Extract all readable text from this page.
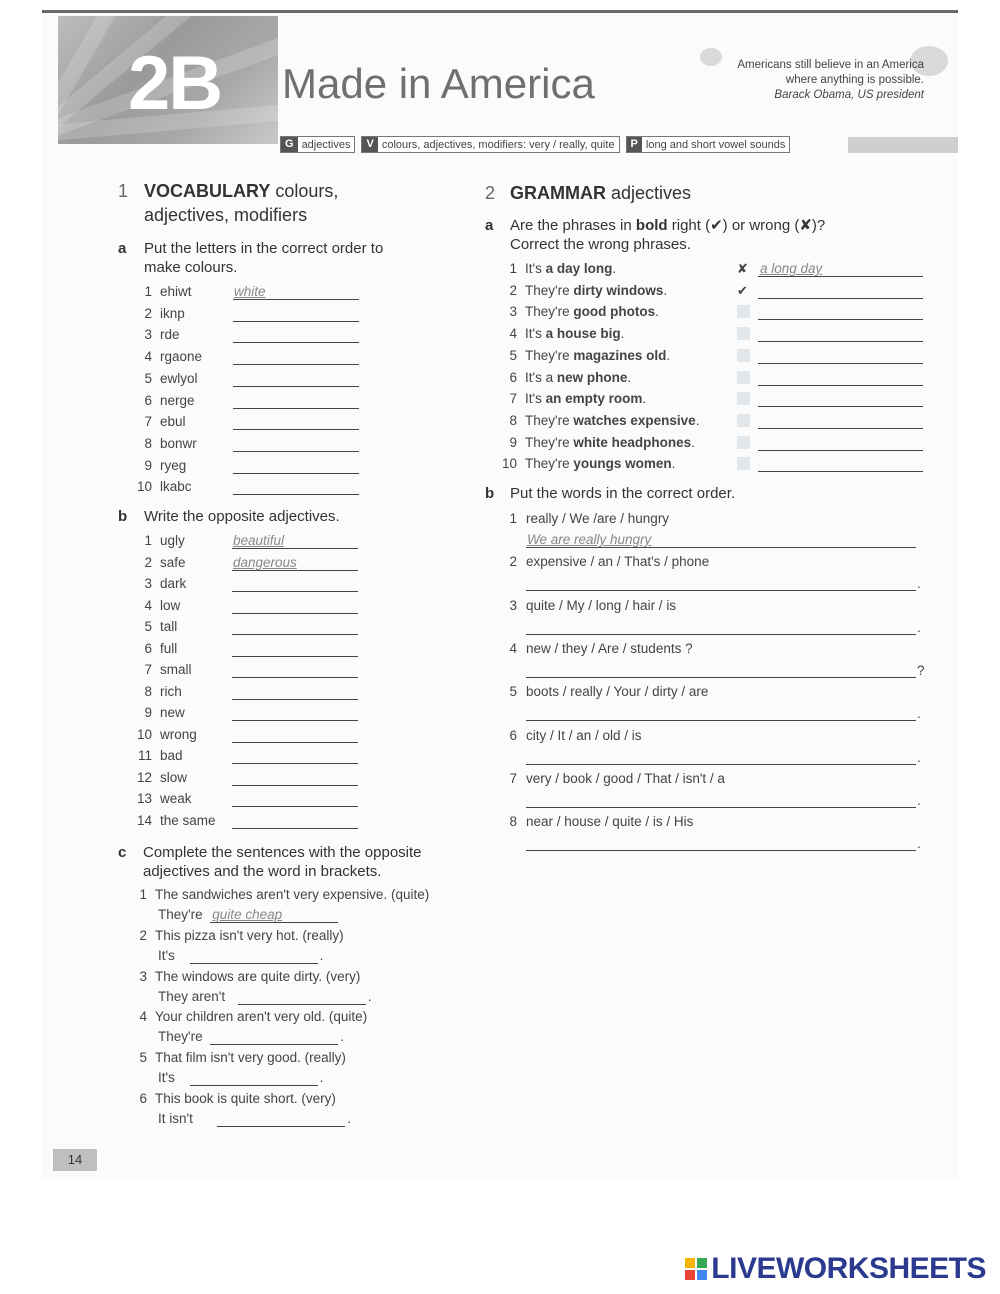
2B Made in America	Americans still believe in an America
where anything is possible.
Barack Obama, US president
G adjectives	V colours, adjectives, modifiers: very / really, quite	P long and short vowel sounds
1 VOCABULARY colours,
adjectives, modifiers
a Put the letters in the correct order to
make colours.
1 ehiwt	white
2 iknp
3 rde
4 rgaone
5 ewlyol
6 nerge
7 ebul
8 bonwr
9 ryeg
10 lkabc
b Write the opposite adjectives.
1 ugly	beautiful
2 safe	dangerous
3 dark
4 low
5 tall
6 full
7 small
8 rich
9 new
10 wrong
11 bad
12 slow
13 weak
14 the same
c Complete the sentences with the opposite
adjectives and the word in brackets.
1 The sandwiches aren't very expensive. (quite)
They're quite cheap
2 This pizza isn't very hot. (really)
It's	.
3 The windows are quite dirty. (very)
They aren't	.
4 Your children aren't very old. (quite)
They're	.
5 That film isn't very good. (really)
It's	.
6 This book is quite short. (very)
It isn't	.
2 GRAMMAR adjectives
a Are the phrases in bold right (✔) or wrong (✘)?
Correct the wrong phrases.
1 It's a day long.	✘ a long day
2 They're dirty windows.	✔
3 They're good photos.
4 It's a house big.
5 They're magazines old.
6 It's a new phone.
7 It's an empty room.
8 They're watches expensive.
9 They're white headphones.
10 They're youngs women.
b Put the words in the correct order.
1 really / We /are / hungry
We are really hungry
2 expensive / an / That's / phone
.
3 quite / My / long / hair / is
.
4 new / they / Are / students ?
?
5 boots / really / Your / dirty / are
.
6 city / It / an / old / is
.
7 very / book / good / That / isn't / a
.
8 near / house / quite / is / His
.
14
LIVEWORKSHEETS
